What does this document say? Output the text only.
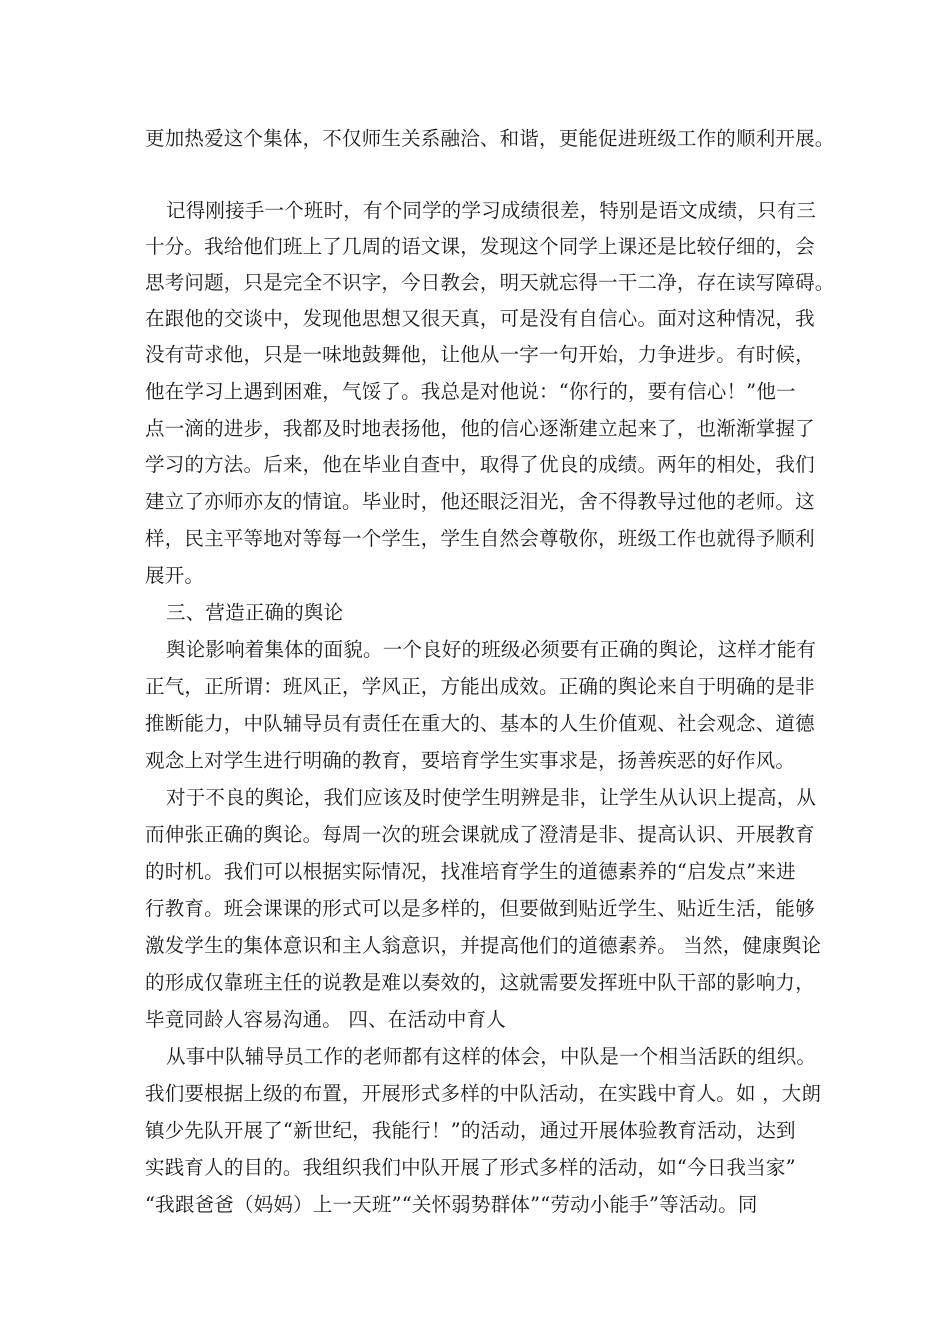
更加热爱这个集体，不仅师生关系融洽、和谐，更能促进班级工作的顺利开展。
记得刚接手一个班时，有个同学的学习成绩很差，特别是语文成绩，只有三
十分。我给他们班上了几周的语文课，发现这个同学上课还是比较仔细的，会
思考问题，只是完全不识字，今日教会，明天就忘得一干二净，存在读写障碍。
在跟他的交谈中，发现他思想又很天真，可是没有自信心。面对这种情况，我
没有苛求他，只是一味地鼓舞他，让他从一字一句开始，力争进步。有时候，
他在学习上遇到困难，气馁了。我总是对他说：“你行的，要有信心！”他一
点一滴的进步，我都及时地表扬他，他的信心逐渐建立起来了，也渐渐掌握了
学习的方法。后来，他在毕业自查中，取得了优良的成绩。两年的相处，我们
建立了亦师亦友的情谊。毕业时，他还眼泛泪光，舍不得教导过他的老师。这
样，民主平等地对等每一个学生，学生自然会尊敬你，班级工作也就得予顺利
展开。
三、营造正确的舆论
舆论影响着集体的面貌。一个良好的班级必须要有正确的舆论，这样才能有
正气，正所谓：班风正，学风正，方能出成效。正确的舆论来自于明确的是非
推断能力，中队辅导员有责任在重大的、基本的人生价值观、社会观念、道德
观念上对学生进行明确的教育，要培育学生实事求是，扬善疾恶的好作风。
对于不良的舆论，我们应该及时使学生明辨是非，让学生从认识上提高，从
而伸张正确的舆论。每周一次的班会课就成了澄清是非、提高认识、开展教育
的时机。我们可以根据实际情况，找准培育学生的道德素养的“启发点”来进
行教育。班会课课的形式可以是多样的，但要做到贴近学生、贴近生活，能够
激发学生的集体意识和主人翁意识，并提高他们的道德素养。 当然，健康舆论
的形成仅靠班主任的说教是难以奏效的，这就需要发挥班中队干部的影响力，
毕竟同龄人容易沟通。 四、在活动中育人
从事中队辅导员工作的老师都有这样的体会，中队是一个相当活跃的组织。
我们要根据上级的布置，开展形式多样的中队活动，在实践中育人。如 ，大朗
镇少先队开展了“新世纪，我能行！”的活动，通过开展体验教育活动，达到
实践育人的目的。我组织我们中队开展了形式多样的活动，如“今日我当家”
“我跟爸爸（妈妈）上一天班”“关怀弱势群体”“劳动小能手”等活动。同
